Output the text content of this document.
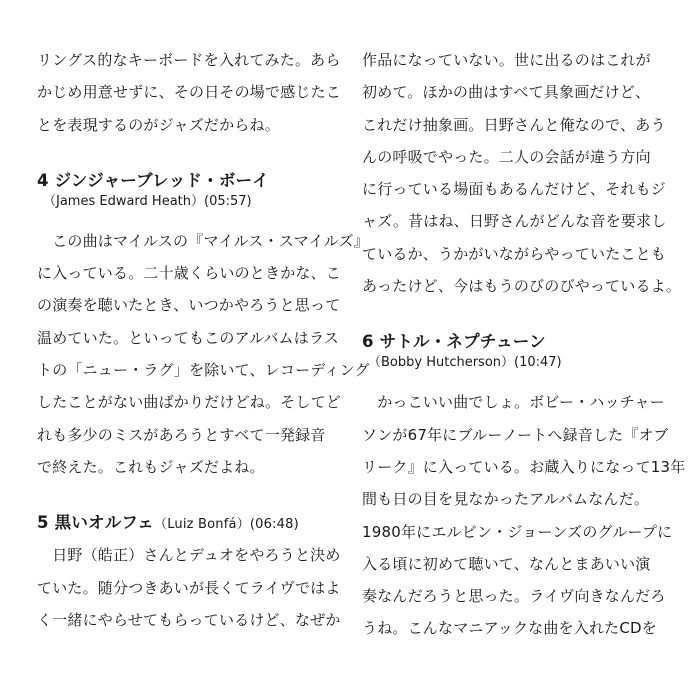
リングス的なキーボードを入れてみた。あら
かじめ用意せずに、その日その場で感じたこ
とを表現するのがジャズだからね。

4 ジンジャーブレッド・ボーイ

（James Edward Heath）(05:57)

　この曲はマイルスの『マイルス・スマイルズ』
に入っている。二十歳くらいのときかな、こ
の演奏を聴いたとき、いつかやろうと思って
温めていた。といってもこのアルバムはラス
トの「ニュー・ラグ」を除いて、レコーディング
したことがない曲ばかりだけどね。そしてど
れも多少のミスがあろうとすべて一発録音
で終えた。これもジャズだよね。

5 黒いオルフェ（Luiz Bonfá）(06:48)

　日野（皓正）さんとデュオをやろうと決め
ていた。随分つきあいが長くてライヴではよ
く一緒にやらせてもらっているけど、なぜか

作品になっていない。世に出るのはこれが
初めて。ほかの曲はすべて具象画だけど、
これだけ抽象画。日野さんと俺なので、あう
んの呼吸でやった。二人の会話が違う方向
に行っている場面もあるんだけど、それもジ
ャズ。昔はね、日野さんがどんな音を要求し
ているか、うかがいながらやっていたことも
あったけど、今はもうのびのびやっているよ。

6 サトル・ネプチューン

（Bobby Hutcherson）(10:47)

　かっこいい曲でしょ。ボビー・ハッチャー
ソンが67年にブルーノートへ録音した『オブ
リーク』に入っている。お蔵入りになって13年
間も日の目を見なかったアルバムなんだ。
1980年にエルビン・ジョーンズのグループに
入る頃に初めて聴いて、なんとまあいい演
奏なんだろうと思った。ライヴ向きなんだろ
うね。こんなマニアックな曲を入れたCDを
